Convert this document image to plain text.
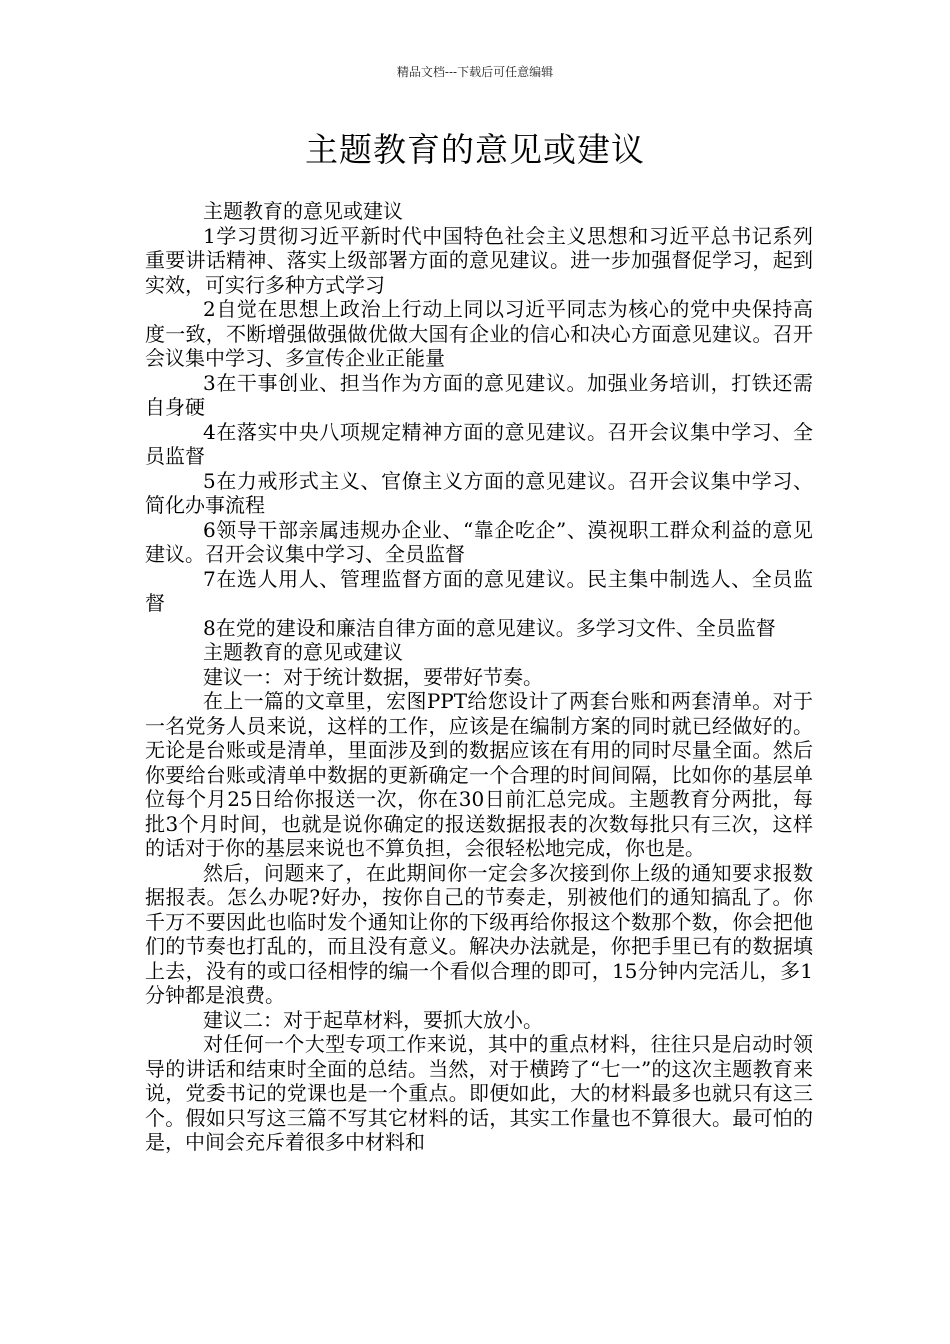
精品文档---下载后可任意编辑
主题教育的意见或建议

主题教育的意见或建议

1学习贯彻习近平新时代中国特色社会主义思想和习近平总书记系列重要讲话精神、落实上级部署方面的意见建议。进一步加强督促学习，起到实效，可实行多种方式学习

2自觉在思想上政治上行动上同以习近平同志为核心的党中央保持高度一致，不断增强做强做优做大国有企业的信心和决心方面意见建议。召开会议集中学习、多宣传企业正能量

3在干事创业、担当作为方面的意见建议。加强业务培训，打铁还需自身硬

4在落实中央八项规定精神方面的意见建议。召开会议集中学习、全员监督

5在力戒形式主义、官僚主义方面的意见建议。召开会议集中学习、简化办事流程

6领导干部亲属违规办企业、“靠企吃企”、漠视职工群众利益的意见建议。召开会议集中学习、全员监督

7在选人用人、管理监督方面的意见建议。民主集中制选人、全员监督

8在党的建设和廉洁自律方面的意见建议。多学习文件、全员监督

主题教育的意见或建议

建议一：对于统计数据，要带好节奏。

在上一篇的文章里，宏图PPT给您设计了两套台账和两套清单。对于一名党务人员来说，这样的工作，应该是在编制方案的同时就已经做好的。无论是台账或是清单，里面涉及到的数据应该在有用的同时尽量全面。然后你要给台账或清单中数据的更新确定一个合理的时间间隔，比如你的基层单位每个月25日给你报送一次，你在30日前汇总完成。主题教育分两批，每批3个月时间，也就是说你确定的报送数据报表的次数每批只有三次，这样的话对于你的基层来说也不算负担，会很轻松地完成，你也是。

然后，问题来了，在此期间你一定会多次接到你上级的通知要求报数据报表。怎么办呢?好办，按你自己的节奏走，别被他们的通知搞乱了。你千万不要因此也临时发个通知让你的下级再给你报这个数那个数，你会把他们的节奏也打乱的，而且没有意义。解决办法就是，你把手里已有的数据填上去，没有的或口径相悖的编一个看似合理的即可，15分钟内完活儿，多1分钟都是浪费。

建议二：对于起草材料，要抓大放小。

对任何一个大型专项工作来说，其中的重点材料，往往只是启动时领导的讲话和结束时全面的总结。当然，对于横跨了“七一”的这次主题教育来说，党委书记的党课也是一个重点。即便如此，大的材料最多也就只有这三个。假如只写这三篇不写其它材料的话，其实工作量也不算很大。最可怕的是，中间会充斥着很多中材料和
